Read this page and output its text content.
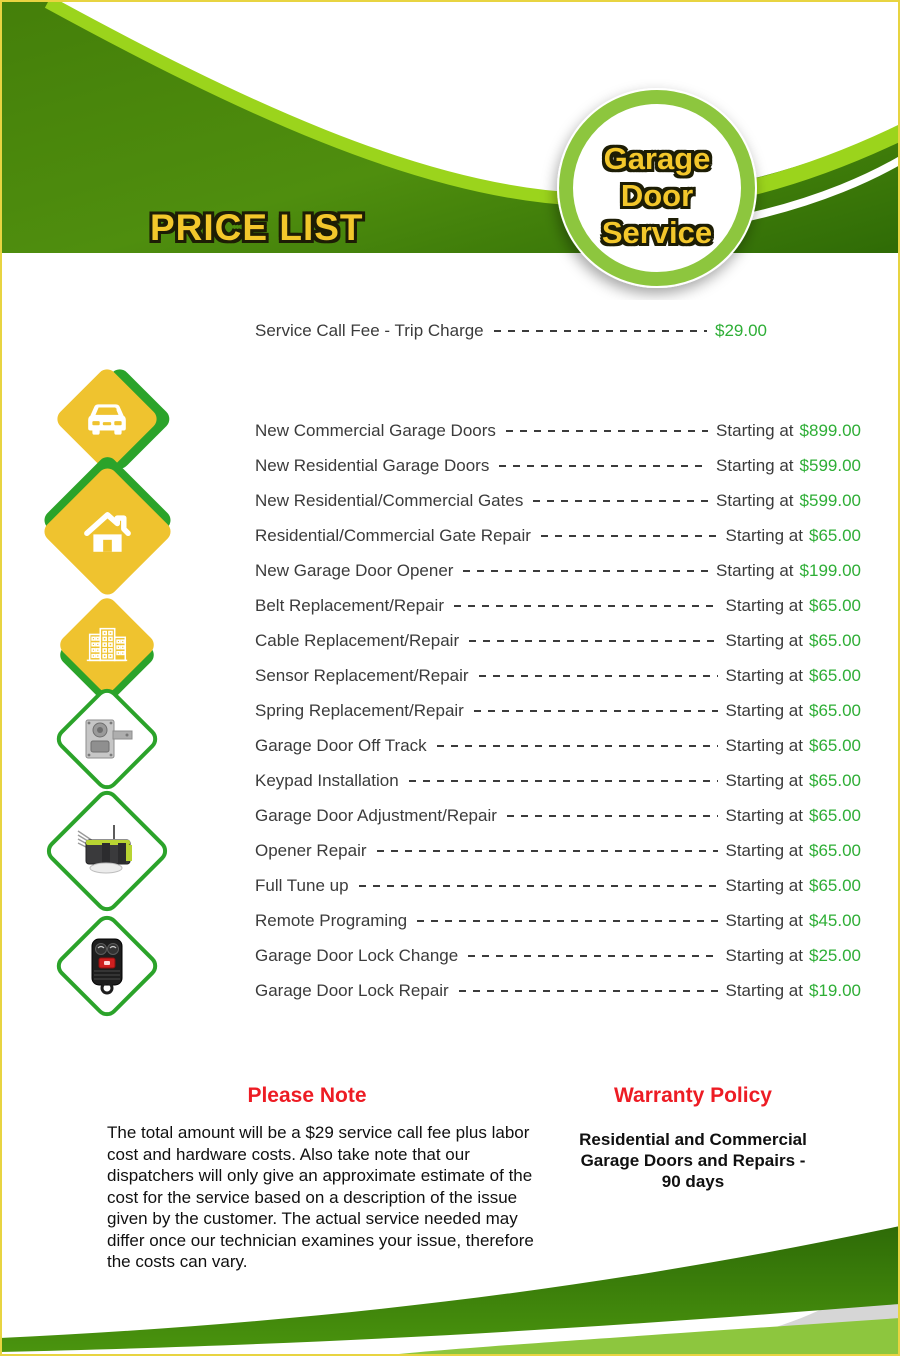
PRICE LIST
Garage
Door
Service
Service Call Fee - Trip Charge	$29.00
New Commercial Garage Doors	Starting at $899.00
New Residential Garage Doors	Starting at $599.00
New Residential/Commercial Gates	Starting at $599.00
Residential/Commercial Gate Repair	Starting at $65.00
New Garage Door Opener	Starting at $199.00
Belt Replacement/Repair	Starting at $65.00
Cable Replacement/Repair	Starting at $65.00
Sensor Replacement/Repair	Starting at $65.00
Spring Replacement/Repair	Starting at $65.00
Garage Door Off Track	Starting at $65.00
Keypad Installation	Starting at $65.00
Garage Door Adjustment/Repair	Starting at $65.00
Opener Repair	Starting at $65.00
Full Tune up	Starting at $65.00
Remote Programing	Starting at $45.00
Garage Door Lock Change	Starting at $25.00
Garage Door Lock Repair	Starting at $19.00
Please Note
The total amount will be a $29 service call fee plus labor cost and hardware costs. Also take note that our dispatchers will only give an approximate estimate of the cost for the service based on a description of the issue given by the customer. The actual service needed may differ once our technician examines your issue, therefore the costs can vary.
Warranty Policy
Residential and Commercial Garage Doors and Repairs - 90 days
